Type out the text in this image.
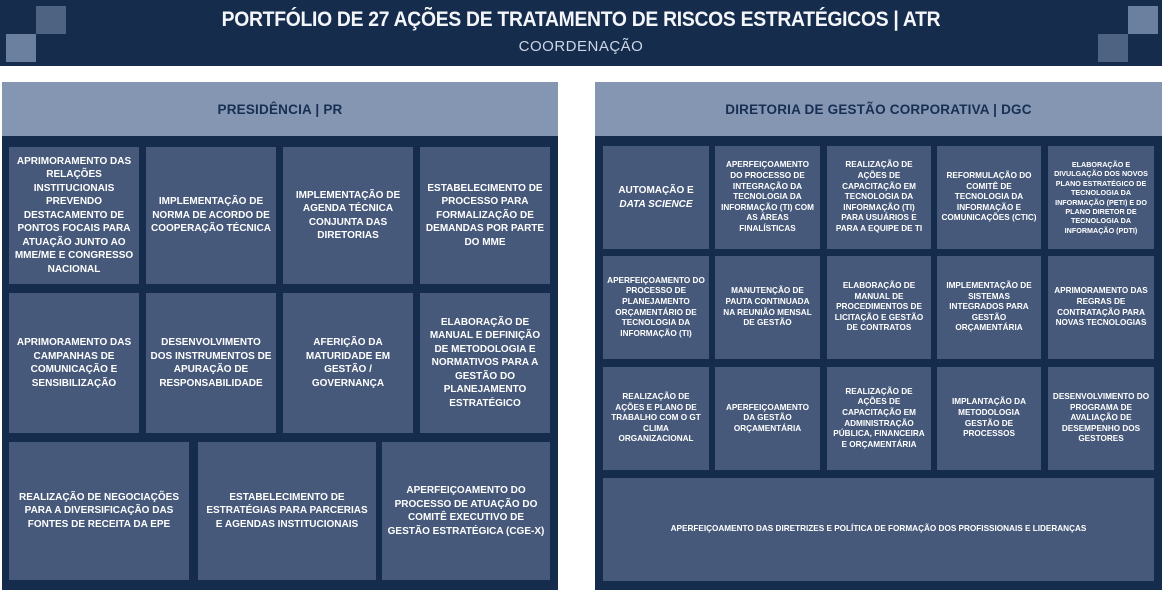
PORTFÓLIO DE 27 AÇÕES DE TRATAMENTO DE RISCOS ESTRATÉGICOS | ATR
COORDENAÇÃO
PRESIDÊNCIA | PR
APRIMORAMENTO DAS RELAÇÕES INSTITUCIONAIS PREVENDO DESTACAMENTO DE PONTOS FOCAIS PARA ATUAÇÃO JUNTO AO MME/ME E CONGRESSO NACIONAL
IMPLEMENTAÇÃO DE NORMA DE ACORDO DE COOPERAÇÃO TÉCNICA
IMPLEMENTAÇÃO DE AGENDA TÉCNICA CONJUNTA DAS DIRETORIAS
ESTABELECIMENTO DE PROCESSO PARA FORMALIZAÇÃO DE DEMANDAS POR PARTE DO MME
APRIMORAMENTO DAS CAMPANHAS DE COMUNICAÇÃO E SENSIBILIZAÇÃO
DESENVOLVIMENTO DOS INSTRUMENTOS DE APURAÇÃO DE RESPONSABILIDADE
AFERIÇÃO DA MATURIDADE EM GESTÃO / GOVERNANÇA
ELABORAÇÃO DE MANUAL E DEFINIÇÃO DE METODOLOGIA E NORMATIVOS PARA A GESTÃO DO PLANEJAMENTO ESTRATÉGICO
REALIZAÇÃO DE NEGOCIAÇÕES PARA A DIVERSIFICAÇÃO DAS FONTES DE RECEITA DA EPE
ESTABELECIMENTO DE ESTRATÉGIAS PARA PARCERIAS E AGENDAS INSTITUCIONAIS
APERFEIÇOAMENTO DO PROCESSO DE ATUAÇÃO DO COMITÊ EXECUTIVO DE GESTÃO ESTRATÉGICA (CGE-X)
DIRETORIA DE GESTÃO CORPORATIVA | DGC
AUTOMAÇÃO E DATA SCIENCE
APERFEIÇOAMENTO DO PROCESSO DE INTEGRAÇÃO DA TECNOLOGIA DA INFORMAÇÃO (TI) COM AS ÁREAS FINALÍSTICAS
REALIZAÇÃO DE AÇÕES DE CAPACITAÇÃO EM TECNOLOGIA DA INFORMAÇÃO (TI) PARA USUÁRIOS E PARA A EQUIPE DE TI
REFORMULAÇÃO DO COMITÊ DE TECNOLOGIA DA INFORMAÇÃO E COMUNICAÇÕES (CTIC)
ELABORAÇÃO E DIVULGAÇÃO DOS NOVOS PLANO ESTRATÉGICO DE TECNOLOGIA DA INFORMAÇÃO (PETI) E DO PLANO DIRETOR DE TECNOLOGIA DA INFORMAÇÃO (PDTI)
APERFEIÇOAMENTO DO PROCESSO DE PLANEJAMENTO ORÇAMENTÁRIO DE TECNOLOGIA DA INFORMAÇÃO (TI)
MANUTENÇÃO DE PAUTA CONTINUADA NA REUNIÃO MENSAL DE GESTÃO
ELABORAÇÃO DE MANUAL DE PROCEDIMENTOS DE LICITAÇÃO E GESTÃO DE CONTRATOS
IMPLEMENTAÇÃO DE SISTEMAS INTEGRADOS PARA GESTÃO ORÇAMENTÁRIA
APRIMORAMENTO DAS REGRAS DE CONTRATAÇÃO PARA NOVAS TECNOLOGIAS
REALIZAÇÃO DE AÇÕES E PLANO DE TRABALHO COM O GT CLIMA ORGANIZACIONAL
APERFEIÇOAMENTO DA GESTÃO ORÇAMENTÁRIA
REALIZAÇÃO DE AÇÕES DE CAPACITAÇÃO EM ADMINISTRAÇÃO PÚBLICA, FINANCEIRA E ORÇAMENTÁRIA
IMPLANTAÇÃO DA METODOLOGIA GESTÃO DE PROCESSOS
DESENVOLVIMENTO DO PROGRAMA DE AVALIAÇÃO DE DESEMPENHO DOS GESTORES
APERFEIÇOAMENTO DAS DIRETRIZES E POLÍTICA DE FORMAÇÃO DOS PROFISSIONAIS E LIDERANÇAS
